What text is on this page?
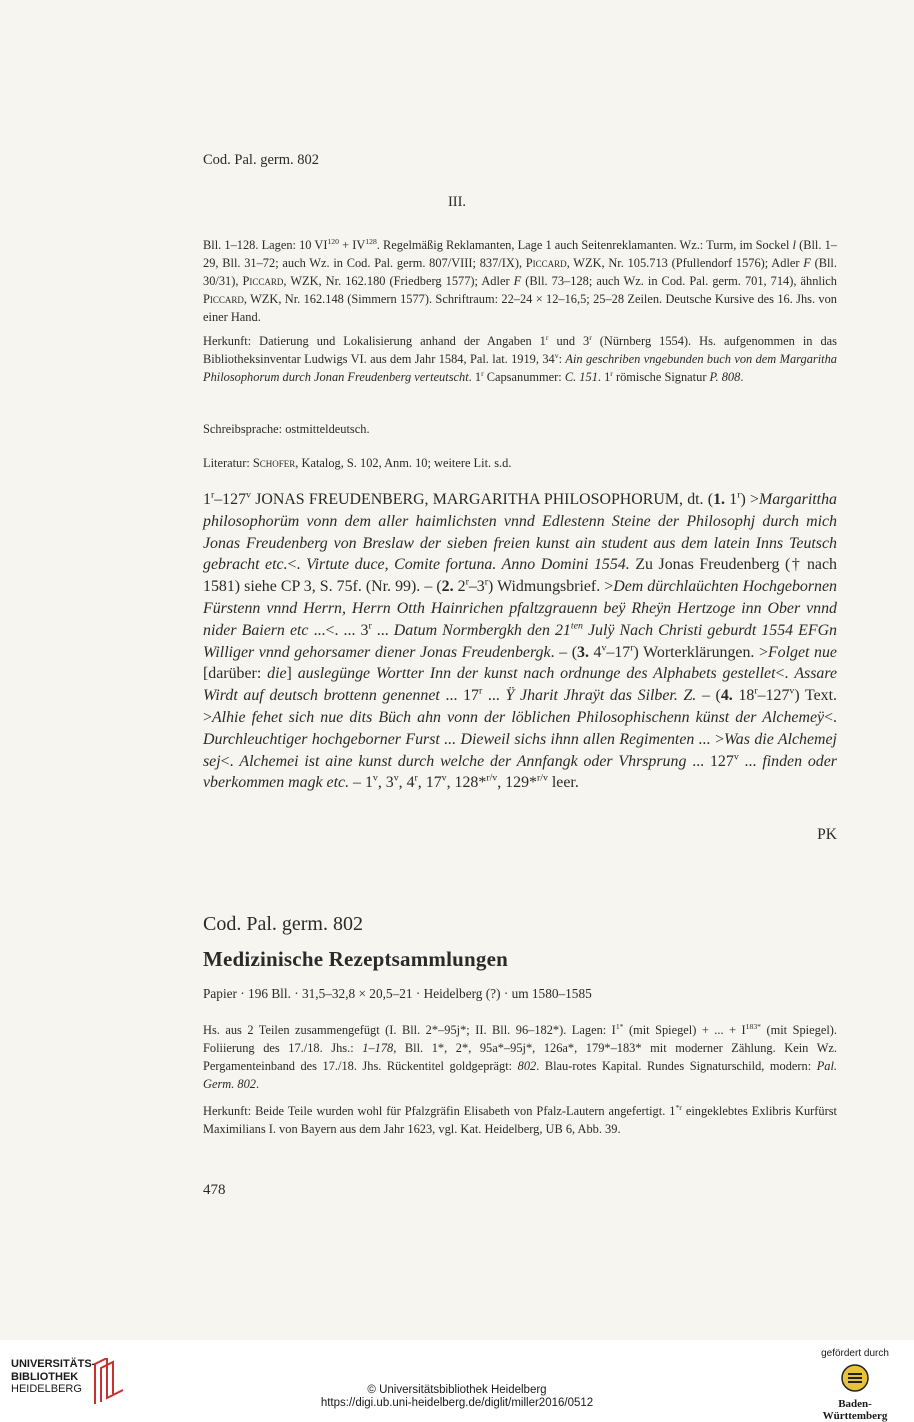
Cod. Pal. germ. 802
III.
Bll. 1–128. Lagen: 10 $VI^{120} + IV^{128}$. Regelmäßig Reklamanten, Lage 1 auch Seitenreklamanten. Wz.: Turm, im Sockel l (Bll. 1–29, Bll. 31–72; auch Wz. in Cod. Pal. germ. 807/VIII; 837/IX), Piccard, WZK, Nr. 105.713 (Pfullendorf 1576); Adler F (Bll. 30/31), Piccard, WZK, Nr. 162.180 (Friedberg 1577); Adler F (Bll. 73–128; auch Wz. in Cod. Pal. germ. 701, 714), ähnlich Piccard, WZK, Nr. 162.148 (Simmern 1577). Schriftraum: 22–24 × 12–16,5; 25–28 Zeilen. Deutsche Kursive des 16. Jhs. von einer Hand.
Herkunft: Datierung und Lokalisierung anhand der Angaben 1$^r$ und 3$^r$ (Nürnberg 1554). Hs. aufgenommen in das Bibliotheksinventar Ludwigs VI. aus dem Jahr 1584, Pal. lat. 1919, 34$^v$: Ain geschriben vngebunden buch von dem Margaritha Philosophorum durch Jonan Freudenberg verteutscht. 1$^r$ Capsanummer: C. 151. 1$^r$ römische Signatur P. 808.
Schreibsprache: ostmitteldeutsch.
Literatur: Schofer, Katalog, S. 102, Anm. 10; weitere Lit. s.d.
1$^r$–127$^v$ JONAS FREUDENBERG, MARGARITHA PHILOSOPHORUM, dt. (1. $1^r$) >Margarittha philosophorüm vonn dem aller haimlichsten vnnd Edlestenn Steine der Philosophj durch mich Jonas Freudenberg von Breslaw der sieben freien kunst ain student aus dem latein Inns Teutsch gebracht etc.<. Virtute duce, Comite fortuna. Anno Domini 1554. Zu Jonas Freudenberg († nach 1581) siehe CP 3, S. 75f. (Nr. 99). – (2. 2$^r$–3$^r$) Widmungsbrief. >Dem dürchlaüchten Hochgebornen Fürstenn vnnd Herrn, Herrn Otth Hainrichen pfaltzgrauenn beÿ Rheÿn Hertzoge inn Ober vnnd nider Baiern etc ...<. ... 3$^r$ ... Datum Normbergkh den $21^{ten}$ Julÿ Nach Christi geburdt 1554 EFGn Williger vnnd gehorsamer diener Jonas Freudenbergk. – (3. 4$^v$–17$^r$) Worterklärungen. >Folget nue [darüber: die] auslegünge Wortter Inn der kunst nach ordnunge des Alphabets gestellet<. Assare Wirdt auf deutsch brottenn genennet ... 17$^r$ ... Ÿ Jharit Jhraÿt das Silber. Z. – (4. 18$^r$–127$^v$) Text. >Alhie fehet sich nue dits Büch ahn vonn der löblichen Philosophischenn künst der Alchemeÿ<. Durchleuchtiger hochgeborner Furst ... Dieweil sichs ihnn allen Regimenten ... >Was die Alchemej sej<. Alchemei ist aine kunst durch welche der Annfangk oder Vhrsprung ... 127$^v$ ... finden oder vberkommen magk etc. – 1$^v$, 3$^v$, 4$^r$, 17$^v$, 128*$^{r/v}$, 129*$^{r/v}$ leer.
PK
Cod. Pal. germ. 802
Medizinische Rezeptsammlungen
Papier · 196 Bll. · 31,5–32,8 × 20,5–21 · Heidelberg (?) · um 1580–1585
Hs. aus 2 Teilen zusammengefügt (I. Bll. 2*–95j*; II. Bll. 96–182*). Lagen: $I^{1*}$ (mit Spiegel) + ... + $I^{183*}$ (mit Spiegel). Foliierung des 17./18. Jhs.: 1–178, Bll. 1*, 2*, 95a*–95j*, 126a*, 179*–183* mit moderner Zählung. Kein Wz. Pergamenteinband des 17./18. Jhs. Rückentitel goldgeprägt: 802. Blau-rotes Kapital. Rundes Signaturschild, modern: Pal. Germ. 802.
Herkunft: Beide Teile wurden wohl für Pfalzgräfin Elisabeth von Pfalz-Lautern angefertigt. 1$^{*r}$ eingeklebtes Exlibris Kurfürst Maximilians I. von Bayern aus dem Jahr 1623, vgl. Kat. Heidelberg, UB 6, Abb. 39.
478
UNIVERSITÄTS-
BIBLIOTHEK
HEIDELBERG	© Universitätsbibliothek Heidelberg
https://digi.ub.uni-heidelberg.de/diglit/miller2016/0512
gefördert durch
Baden-Württemberg
